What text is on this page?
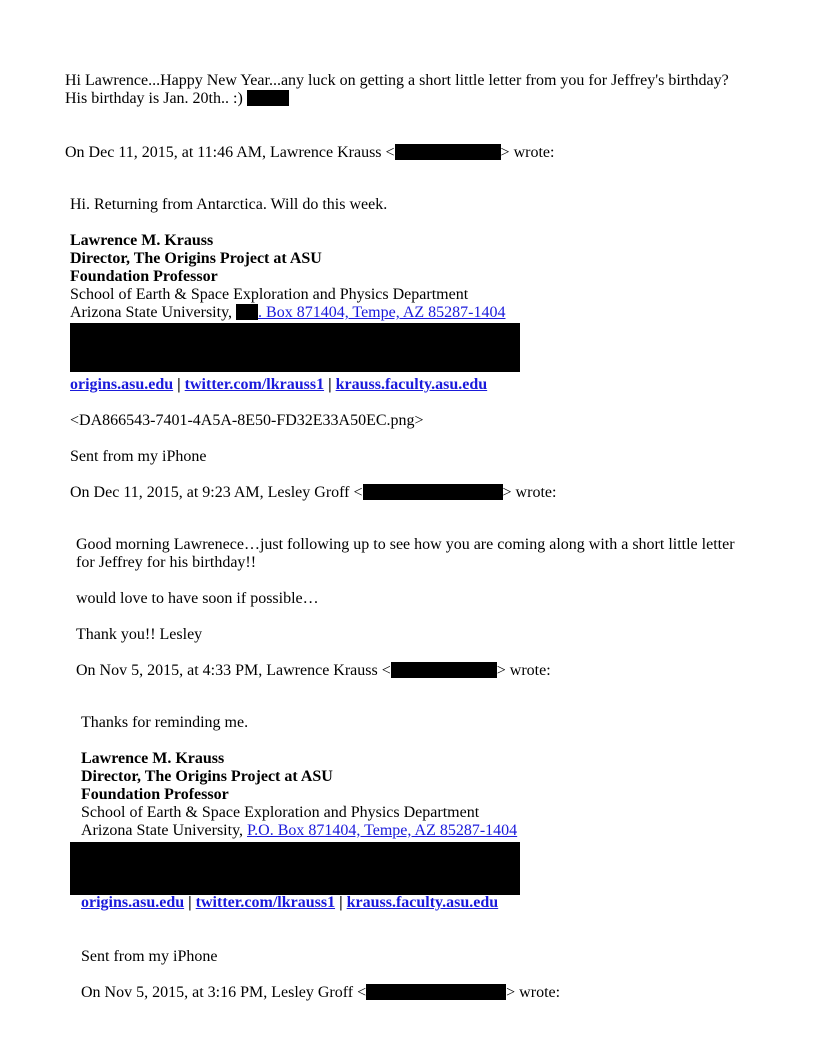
Hi Lawrence...Happy New Year...any luck on getting a short little letter from you for Jeffrey's birthday?
His birthday is Jan. 20th.. :)
On Dec 11, 2015, at 11:46 AM, Lawrence Krauss <	> wrote:
Hi. Returning from Antarctica. Will do this week.
Lawrence M. Krauss
Director, The Origins Project at ASU
Foundation Professor
School of Earth & Space Exploration and Physics Department
Arizona State University, . Box 871404, Tempe, AZ 85287-1404
origins.asu.edu | twitter.com/lkrauss1 | krauss.faculty.asu.edu
<DA866543-7401-4A5A-8E50-FD32E33A50EC.png>
Sent from my iPhone
On Dec 11, 2015, at 9:23 AM, Lesley Groff <	> wrote:
Good morning Lawrenece…just following up to see how you are coming along with a short little letter
for Jeffrey for his birthday!!
would love to have soon if possible…
Thank you!! Lesley
On Nov 5, 2015, at 4:33 PM, Lawrence Krauss <	> wrote:
Thanks for reminding me.
Lawrence M. Krauss
Director, The Origins Project at ASU
Foundation Professor
School of Earth & Space Exploration and Physics Department
Arizona State University, P.O. Box 871404, Tempe, AZ 85287-1404
origins.asu.edu | twitter.com/lkrauss1 | krauss.faculty.asu.edu
Sent from my iPhone
On Nov 5, 2015, at 3:16 PM, Lesley Groff <	> wrote:
